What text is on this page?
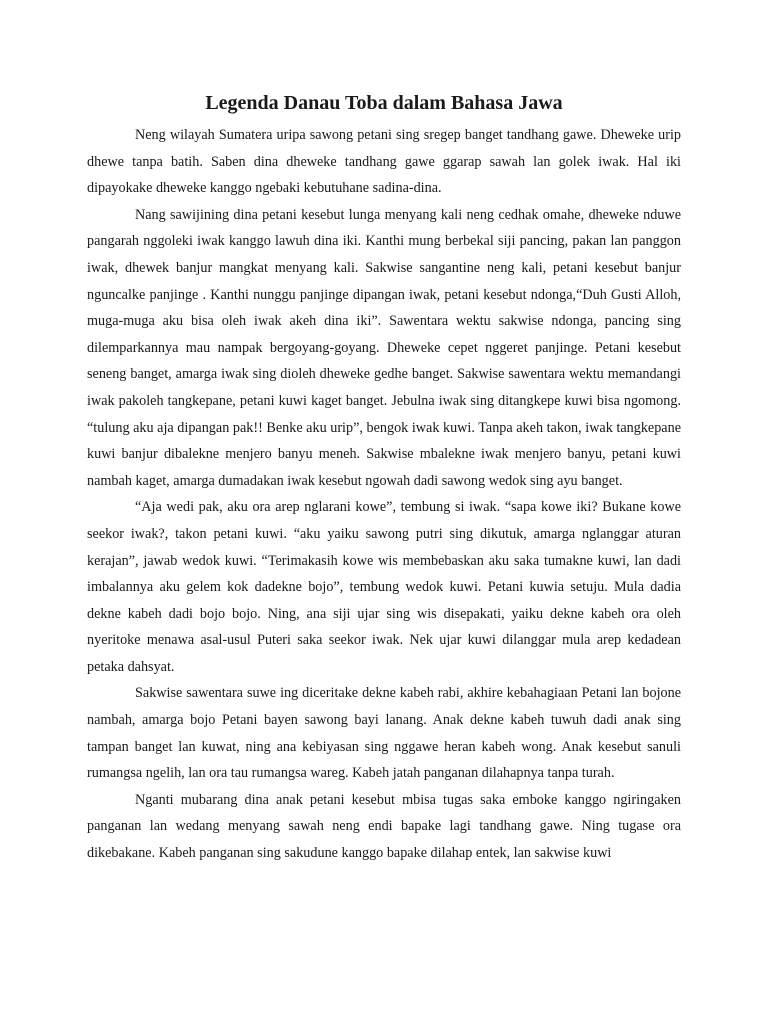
Legenda Danau Toba dalam Bahasa Jawa

Neng wilayah Sumatera uripa sawong petani sing sregep banget tandhang gawe. Dheweke urip dhewe tanpa batih. Saben dina dheweke tandhang gawe ggarap sawah lan golek iwak. Hal iki dipayokake dheweke kanggo ngebaki kebutuhane sadina-dina.

Nang sawijining dina petani kesebut lunga menyang kali neng cedhak omahe, dheweke nduwe pangarah nggoleki iwak kanggo lawuh dina iki. Kanthi mung berbekal siji pancing, pakan lan panggon iwak, dhewek banjur mangkat menyang kali. Sakwise sangantine neng kali, petani kesebut banjur nguncalke panjinge . Kanthi nunggu panjinge dipangan iwak, petani kesebut ndonga,“Duh Gusti Alloh, muga-muga aku bisa oleh iwak akeh dina iki”. Sawentara wektu sakwise ndonga, pancing sing dilemparkannya mau nampak bergoyang-goyang. Dheweke cepet nggeret panjinge. Petani kesebut seneng banget, amarga iwak sing dioleh dheweke gedhe banget. Sakwise sawentara wektu memandangi iwak pakoleh tangkepane, petani kuwi kaget banget. Jebulna iwak sing ditangkepe kuwi bisa ngomong. “tulung aku aja dipangan pak!! Benke aku urip”, bengok iwak kuwi. Tanpa akeh takon, iwak tangkepane kuwi banjur dibalekne menjero banyu meneh. Sakwise mbalekne iwak menjero banyu, petani kuwi nambah kaget, amarga dumadakan iwak kesebut ngowah dadi sawong wedok sing ayu banget.

“Aja wedi pak, aku ora arep nglarani kowe”, tembung si iwak. “sapa kowe iki? Bukane kowe seekor iwak?, takon petani kuwi. “aku yaiku sawong putri sing dikutuk, amarga nglanggar aturan kerajan”, jawab wedok kuwi. “Terimakasih kowe wis membebaskan aku saka tumakne kuwi, lan dadi imbalannya aku gelem kok dadekne bojo”, tembung wedok kuwi. Petani kuwia setuju. Mula dadia dekne kabeh dadi bojo bojo. Ning, ana siji ujar sing wis disepakati, yaiku dekne kabeh ora oleh nyeritoke menawa asal-usul Puteri saka seekor iwak. Nek ujar kuwi dilanggar mula arep kedadean petaka dahsyat.

Sakwise sawentara suwe ing diceritake dekne kabeh rabi, akhire kebahagiaan Petani lan bojone nambah, amarga bojo Petani bayen sawong bayi lanang. Anak dekne kabeh tuwuh dadi anak sing tampan banget lan kuwat, ning ana kebiyasan sing nggawe heran kabeh wong. Anak kesebut sanuli rumangsa ngelih, lan ora tau rumangsa wareg. Kabeh jatah panganan dilahapnya tanpa turah.

Nganti mubarang dina anak petani kesebut mbisa tugas saka emboke kanggo ngiringaken panganan lan wedang menyang sawah neng endi bapake lagi tandhang gawe. Ning tugase ora dikebakane. Kabeh panganan sing sakudune kanggo bapake dilahap entek, lan sakwise kuwi
